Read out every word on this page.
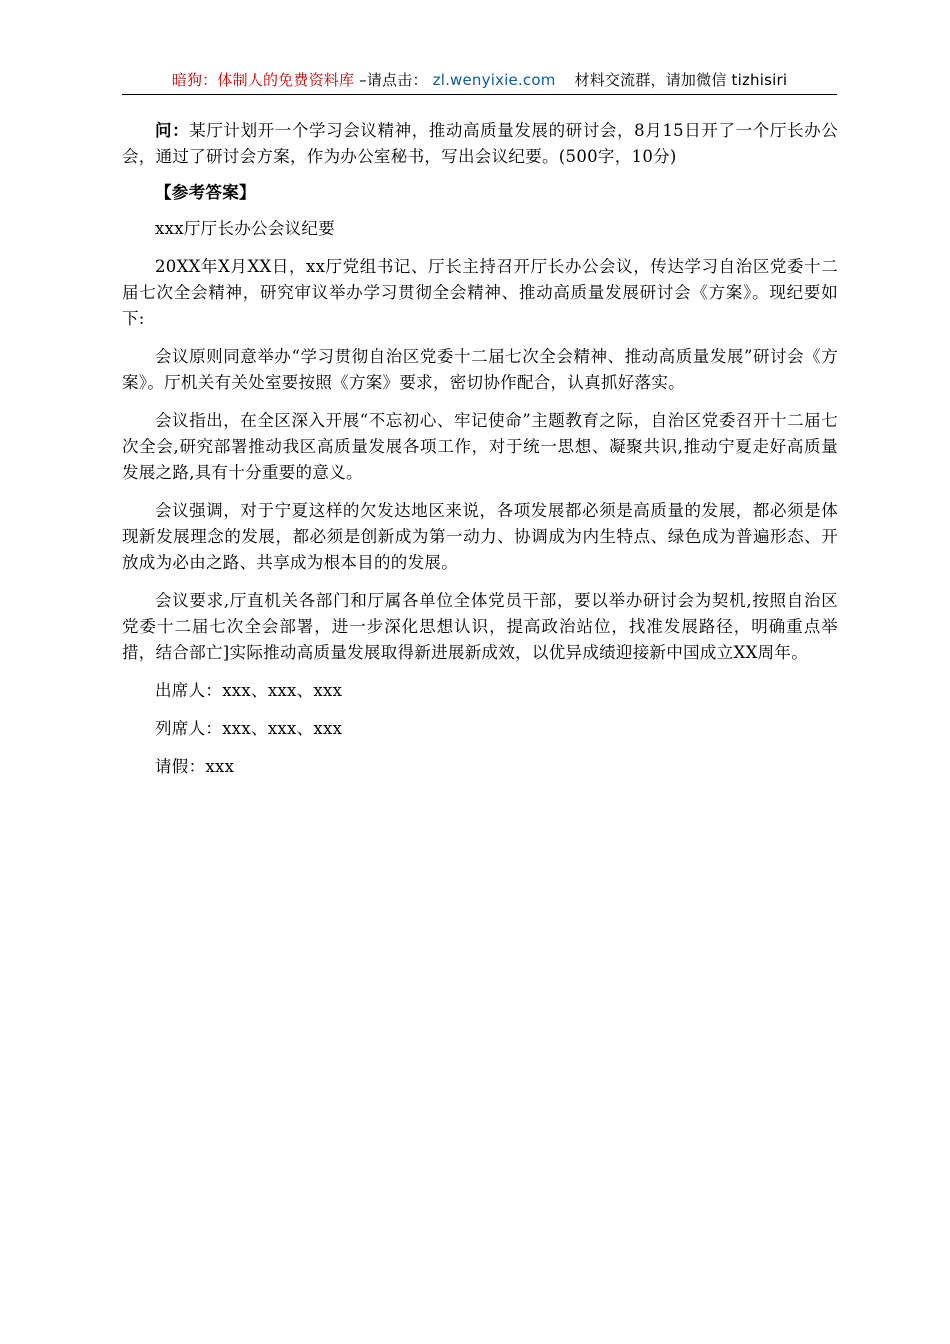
暗狗：体制人的免费资料库 –请点击： zl.wenyixie.com 材料交流群，请加微信 tizhisiri

问：某厅计划开一个学习会议精神，推动高质量发展的研讨会，8月15日开了一个厅长办公会，通过了研讨会方案，作为办公室秘书，写出会议纪要。(500字，10分)

【参考答案】

xxx厅厅长办公会议纪要

20XX年X月XX日，xx厅党组书记、厅长主持召开厅长办公会议，传达学习自治区党委十二届七次全会精神，研究审议举办学习贯彻全会精神、推动高质量发展研讨会《方案》。现纪要如下:

会议原则同意举办“学习贯彻自治区党委十二届七次全会精神、推动高质量发展”研讨会《方案》。厅机关有关处室要按照《方案》要求，密切协作配合，认真抓好落实。

会议指出，在全区深入开展“不忘初心、牢记使命”主题教育之际，自治区党委召开十二届七次全会,研究部署推动我区高质量发展各项工作，对于统一思想、凝聚共识,推动宁夏走好高质量发展之路,具有十分重要的意义。

会议强调，对于宁夏这样的欠发达地区来说，各项发展都必须是高质量的发展，都必须是体现新发展理念的发展，都必须是创新成为第一动力、协调成为内生特点、绿色成为普遍形态、开放成为必由之路、共享成为根本目的的发展。

会议要求,厅直机关各部门和厅属各单位全体党员干部，要以举办研讨会为契机,按照自治区党委十二届七次全会部署，进一步深化思想认识，提高政治站位，找准发展路径，明确重点举措，结合部亡]实际推动高质量发展取得新进展新成效，以优异成绩迎接新中国成立XX周年。

出席人：xxx、xxx、xxx

列席人：xxx、xxx、xxx

请假：xxx
